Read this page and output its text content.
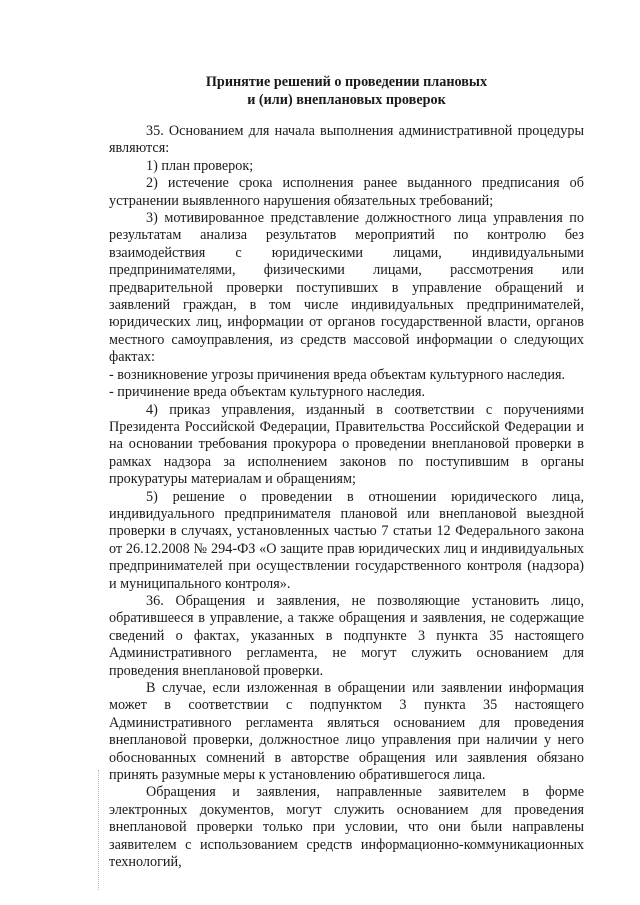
Принятие решений о проведении плановых
и (или) внеплановых проверок

35. Основанием для начала выполнения административной процедуры являются:

1) план проверок;

2) истечение срока исполнения ранее выданного предписания об устранении выявленного нарушения обязательных требований;

3) мотивированное представление должностного лица управления по результатам анализа результатов мероприятий по контролю без взаимодействия с юридическими лицами, индивидуальными предпринимателями, физическими лицами, рассмотрения или предварительной проверки поступивших в управление обращений и заявлений граждан, в том числе индивидуальных предпринимателей, юридических лиц, информации от органов государственной власти, органов местного самоуправления, из средств массовой информации о следующих фактах:

- возникновение угрозы причинения вреда объектам культурного наследия.

- причинение вреда объектам культурного наследия.

4) приказ управления, изданный в соответствии с поручениями Президента Российской Федерации, Правительства Российской Федерации и на основании требования прокурора о проведении внеплановой проверки в рамках надзора за исполнением законов по поступившим в органы прокуратуры материалам и обращениям;

5) решение о проведении в отношении юридического лица, индивидуального предпринимателя плановой или внеплановой выездной проверки в случаях, установленных частью 7 статьи 12 Федерального закона от 26.12.2008 № 294-ФЗ «О защите прав юридических лиц и индивидуальных предпринимателей при осуществлении государственного контроля (надзора) и муниципального контроля».

36. Обращения и заявления, не позволяющие установить лицо, обратившееся в управление, а также обращения и заявления, не содержащие сведений о фактах, указанных в подпункте 3 пункта 35 настоящего Административного регламента, не могут служить основанием для проведения внеплановой проверки.

В случае, если изложенная в обращении или заявлении информация может в соответствии с подпунктом 3 пункта 35 настоящего Административного регламента являться основанием для проведения внеплановой проверки, должностное лицо управления при наличии у него обоснованных сомнений в авторстве обращения или заявления обязано принять разумные меры к установлению обратившегося лица.

Обращения и заявления, направленные заявителем в форме электронных документов, могут служить основанием для проведения внеплановой проверки только при условии, что они были направлены заявителем с использованием средств информационно-коммуникационных технологий,
